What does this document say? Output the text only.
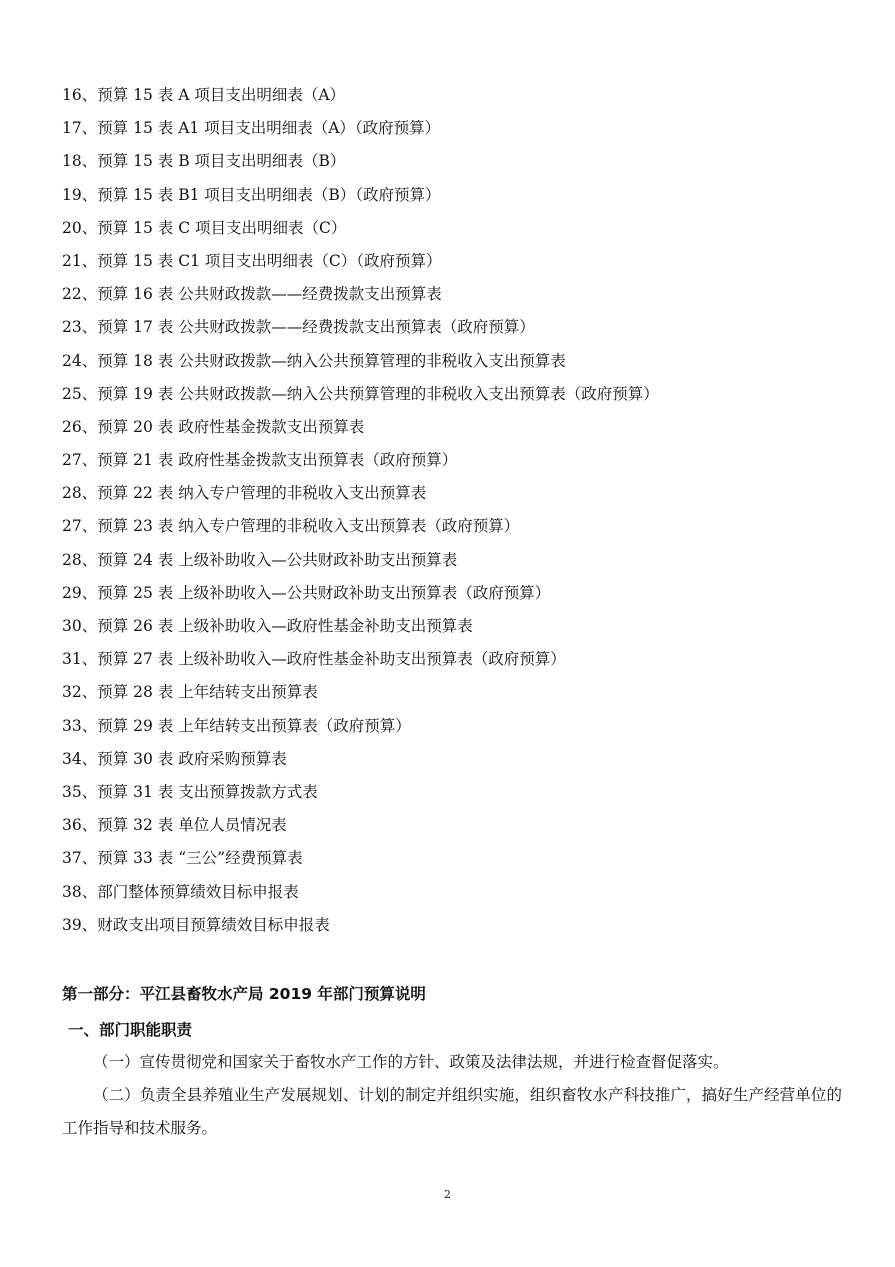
16、预算 15 表 A 项目支出明细表（A）
17、预算 15 表 A1 项目支出明细表（A）（政府预算）
18、预算 15 表 B 项目支出明细表（B）
19、预算 15 表 B1 项目支出明细表（B）（政府预算）
20、预算 15 表 C 项目支出明细表（C）
21、预算 15 表 C1 项目支出明细表（C）（政府预算）
22、预算 16 表 公共财政拨款——经费拨款支出预算表
23、预算 17 表 公共财政拨款——经费拨款支出预算表（政府预算）
24、预算 18 表 公共财政拨款—纳入公共预算管理的非税收入支出预算表
25、预算 19 表 公共财政拨款—纳入公共预算管理的非税收入支出预算表（政府预算）
26、预算 20 表 政府性基金拨款支出预算表
27、预算 21 表 政府性基金拨款支出预算表（政府预算）
28、预算 22 表 纳入专户管理的非税收入支出预算表
27、预算 23 表 纳入专户管理的非税收入支出预算表（政府预算）
28、预算 24 表 上级补助收入—公共财政补助支出预算表
29、预算 25 表 上级补助收入—公共财政补助支出预算表（政府预算）
30、预算 26 表 上级补助收入—政府性基金补助支出预算表
31、预算 27 表 上级补助收入—政府性基金补助支出预算表（政府预算）
32、预算 28 表 上年结转支出预算表
33、预算 29 表 上年结转支出预算表（政府预算）
34、预算 30 表 政府采购预算表
35、预算 31 表 支出预算拨款方式表
36、预算 32 表 单位人员情况表
37、预算 33 表 “三公”经费预算表
38、部门整体预算绩效目标申报表
39、财政支出项目预算绩效目标申报表
第一部分：平江县畜牧水产局 2019 年部门预算说明
一、部门职能职责

（一）宣传贯彻党和国家关于畜牧水产工作的方针、政策及法律法规，并进行检查督促落实。

（二）负责全县养殖业生产发展规划、计划的制定并组织实施，组织畜牧水产科技推广，搞好生产经营单位的工作指导和技术服务。

2
